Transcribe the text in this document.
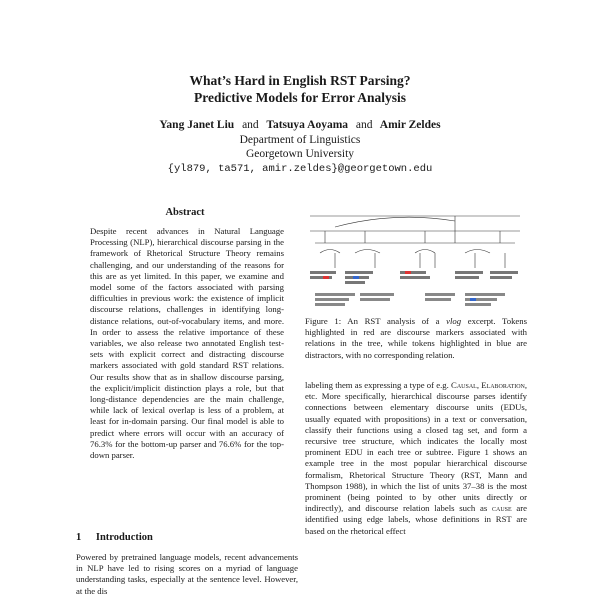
What’s Hard in English RST Parsing?
Predictive Models for Error Analysis
Yang Janet Liu and Tatsuya Aoyama and Amir Zeldes
Department of Linguistics
Georgetown University
{yl879, ta571, amir.zeldes}@georgetown.edu
Abstract
Despite recent advances in Natural Language Processing (NLP), hierarchical discourse parsing in the framework of Rhetorical Structure Theory remains challenging, and our understanding of the reasons for this are as yet limited. In this paper, we examine and model some of the factors associated with parsing difficulties in previous work: the existence of implicit discourse relations, challenges in identifying long-distance relations, out-of-vocabulary items, and more. In order to assess the relative importance of these variables, we also release two annotated English test-sets with explicit correct and distracting discourse markers associated with gold standard RST relations. Our results show that as in shallow discourse parsing, the explicit/implicit distinction plays a role, but that long-distance dependencies are the main challenge, while lack of lexical overlap is less of a problem, at least for in-domain parsing. Our final model is able to predict where errors will occur with an accuracy of 76.3% for the bottom-up parser and 76.6% for the top-down parser.
1 Introduction
Powered by pretrained language models, recent advancements in NLP have led to rising scores on a myriad of language understanding tasks, especially at the sentence level. However, at the dis
Figure 1: An RST analysis of a vlog excerpt. Tokens highlighted in red are discourse markers associated with relations in the tree, while tokens highlighted in blue are distractors, with no corresponding relation.
labeling them as expressing a type of e.g. Causal, Elaboration, etc. More specifically, hierarchical discourse parses identify connections between elementary discourse units (EDUs, usually equated with propositions) in a text or conversation, classify their functions using a closed tag set, and form a recursive tree structure, which indicates the locally most prominent EDU in each tree or subtree. Figure 1 shows an example tree in the most popular hierarchical discourse formalism, Rhetorical Structure Theory (RST, Mann and Thompson 1988), in which the list of units 37–38 is the most prominent (being pointed to by other units directly or indirectly), and discourse relation labels such as cause are identified using edge labels, whose definitions in RST are based on the rhetorical effect
